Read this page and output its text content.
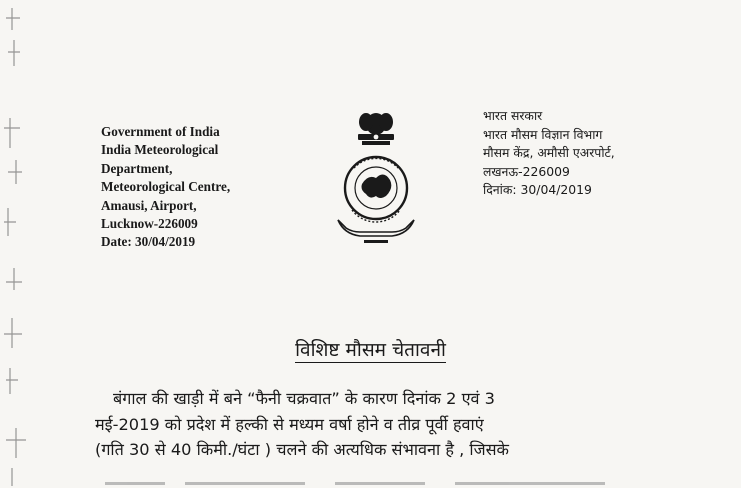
Government of India
India Meteorological
Department,
Meteorological Centre,
Amausi, Airport,
Lucknow-226009
Date: 30/04/2019
भारत सरकार
भारत मौसम विज्ञान विभाग
मौसम केंद्र, अमौसी एअरपोर्ट,
लखनऊ-226009
दिनांक: 30/04/2019
विशिष्ट मौसम चेतावनी
बंगाल की खाड़ी में बने “फैनी चक्रवात” के कारण दिनांक 2 एवं 3
मई-2019 को प्रदेश में हल्की से मध्यम वर्षा होने व तीव्र पूर्वी हवाएं
(गति 30 से 40 किमी./घंटा ) चलने की अत्यधिक संभावना है , जिसके
